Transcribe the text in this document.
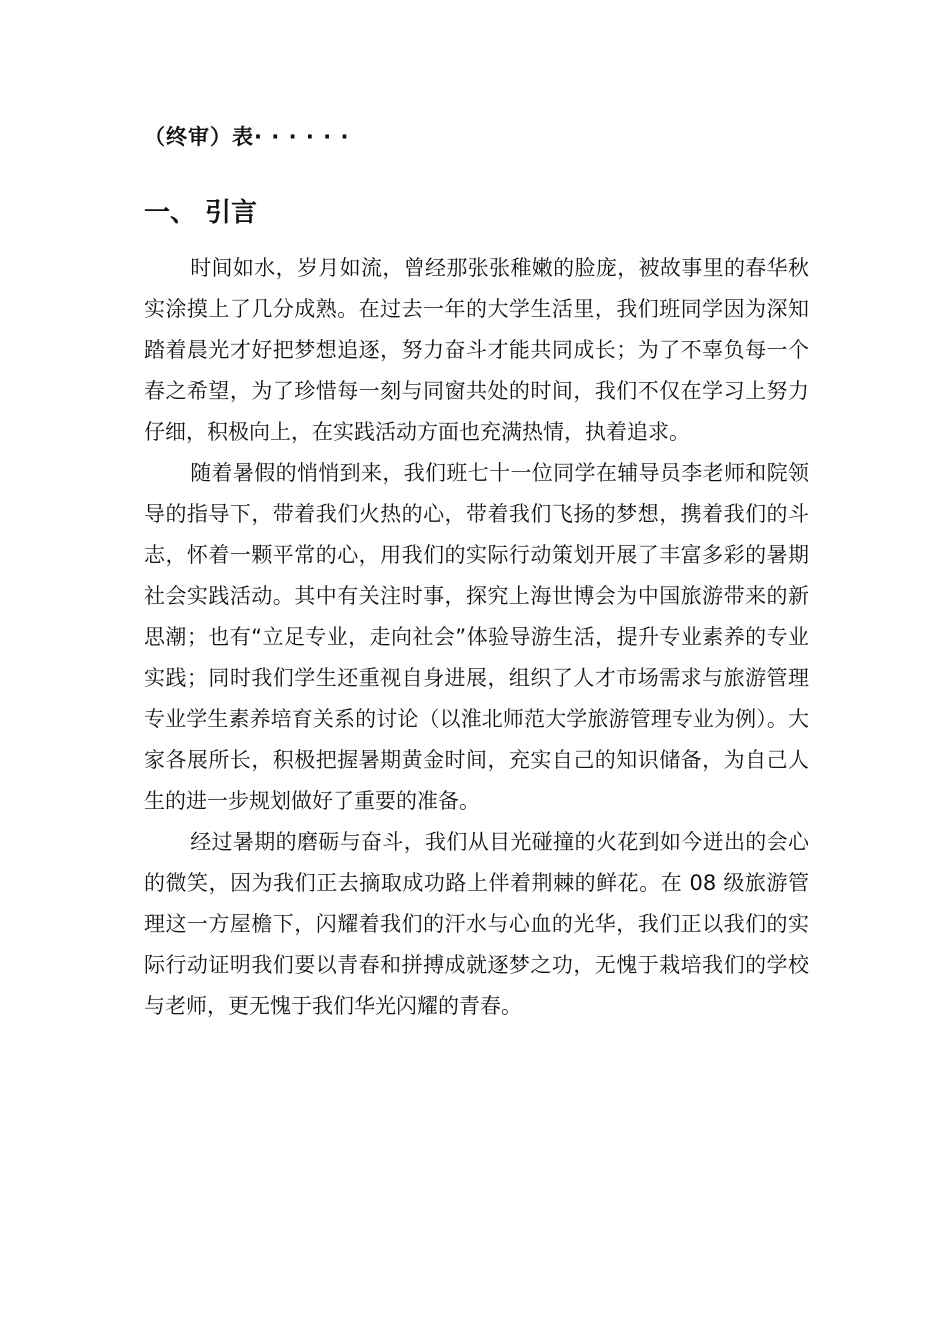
（终审）表· · · · · ·
一、 引言

时间如水，岁月如流，曾经那张张稚嫩的脸庞，被故事里的春华秋实涂摸上了几分成熟。在过去一年的大学生活里，我们班同学因为深知踏着晨光才好把梦想追逐，努力奋斗才能共同成长；为了不辜负每一个春之希望，为了珍惜每一刻与同窗共处的时间，我们不仅在学习上努力仔细，积极向上，在实践活动方面也充满热情，执着追求。

随着暑假的悄悄到来，我们班七十一位同学在辅导员李老师和院领导的指导下，带着我们火热的心，带着我们飞扬的梦想，携着我们的斗志，怀着一颗平常的心，用我们的实际行动策划开展了丰富多彩的暑期社会实践活动。其中有关注时事，探究上海世博会为中国旅游带来的新思潮；也有“立足专业，走向社会”体验导游生活，提升专业素养的专业实践；同时我们学生还重视自身进展，组织了人才市场需求与旅游管理专业学生素养培育关系的讨论（以淮北师范大学旅游管理专业为例）。大家各展所长，积极把握暑期黄金时间，充实自己的知识储备，为自己人生的进一步规划做好了重要的准备。

经过暑期的磨砺与奋斗，我们从目光碰撞的火花到如今迸出的会心的微笑，因为我们正去摘取成功路上伴着荆棘的鲜花。在 08 级旅游管理这一方屋檐下，闪耀着我们的汗水与心血的光华，我们正以我们的实际行动证明我们要以青春和拼搏成就逐梦之功，无愧于栽培我们的学校与老师，更无愧于我们华光闪耀的青春。
